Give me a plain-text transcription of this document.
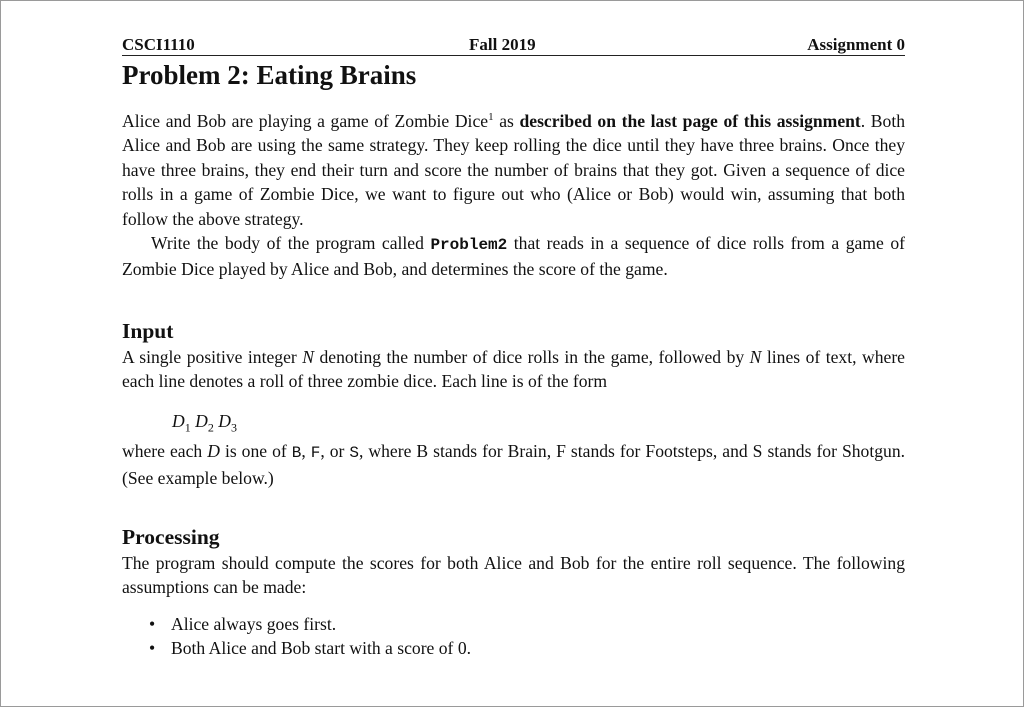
CSCI1110	Fall 2019	Assignment 0
Problem 2: Eating Brains

Alice and Bob are playing a game of Zombie Dice$^1$ as described on the last page of this assignment. Both Alice and Bob are using the same strategy. They keep rolling the dice until they have three brains. Once they have three brains, they end their turn and score the number of brains that they got. Given a sequence of dice rolls in a game of Zombie Dice, we want to figure out who (Alice or Bob) would win, assuming that both follow the above strategy.

Write the body of the program called Problem2 that reads in a sequence of dice rolls from a game of Zombie Dice played by Alice and Bob, and determines the score of the game.

Input

A single positive integer N denoting the number of dice rolls in the game, followed by N lines of text, where each line denotes a roll of three zombie dice. Each line is of the form

$D_1$ $D_2$ $D_3$

where each D is one of B, F, or S, where B stands for Brain, F stands for Footsteps, and S stands for Shotgun. (See example below.)

Processing

The program should compute the scores for both Alice and Bob for the entire roll sequence. The following assumptions can be made:

• Alice always goes first.
• Both Alice and Bob start with a score of 0.
